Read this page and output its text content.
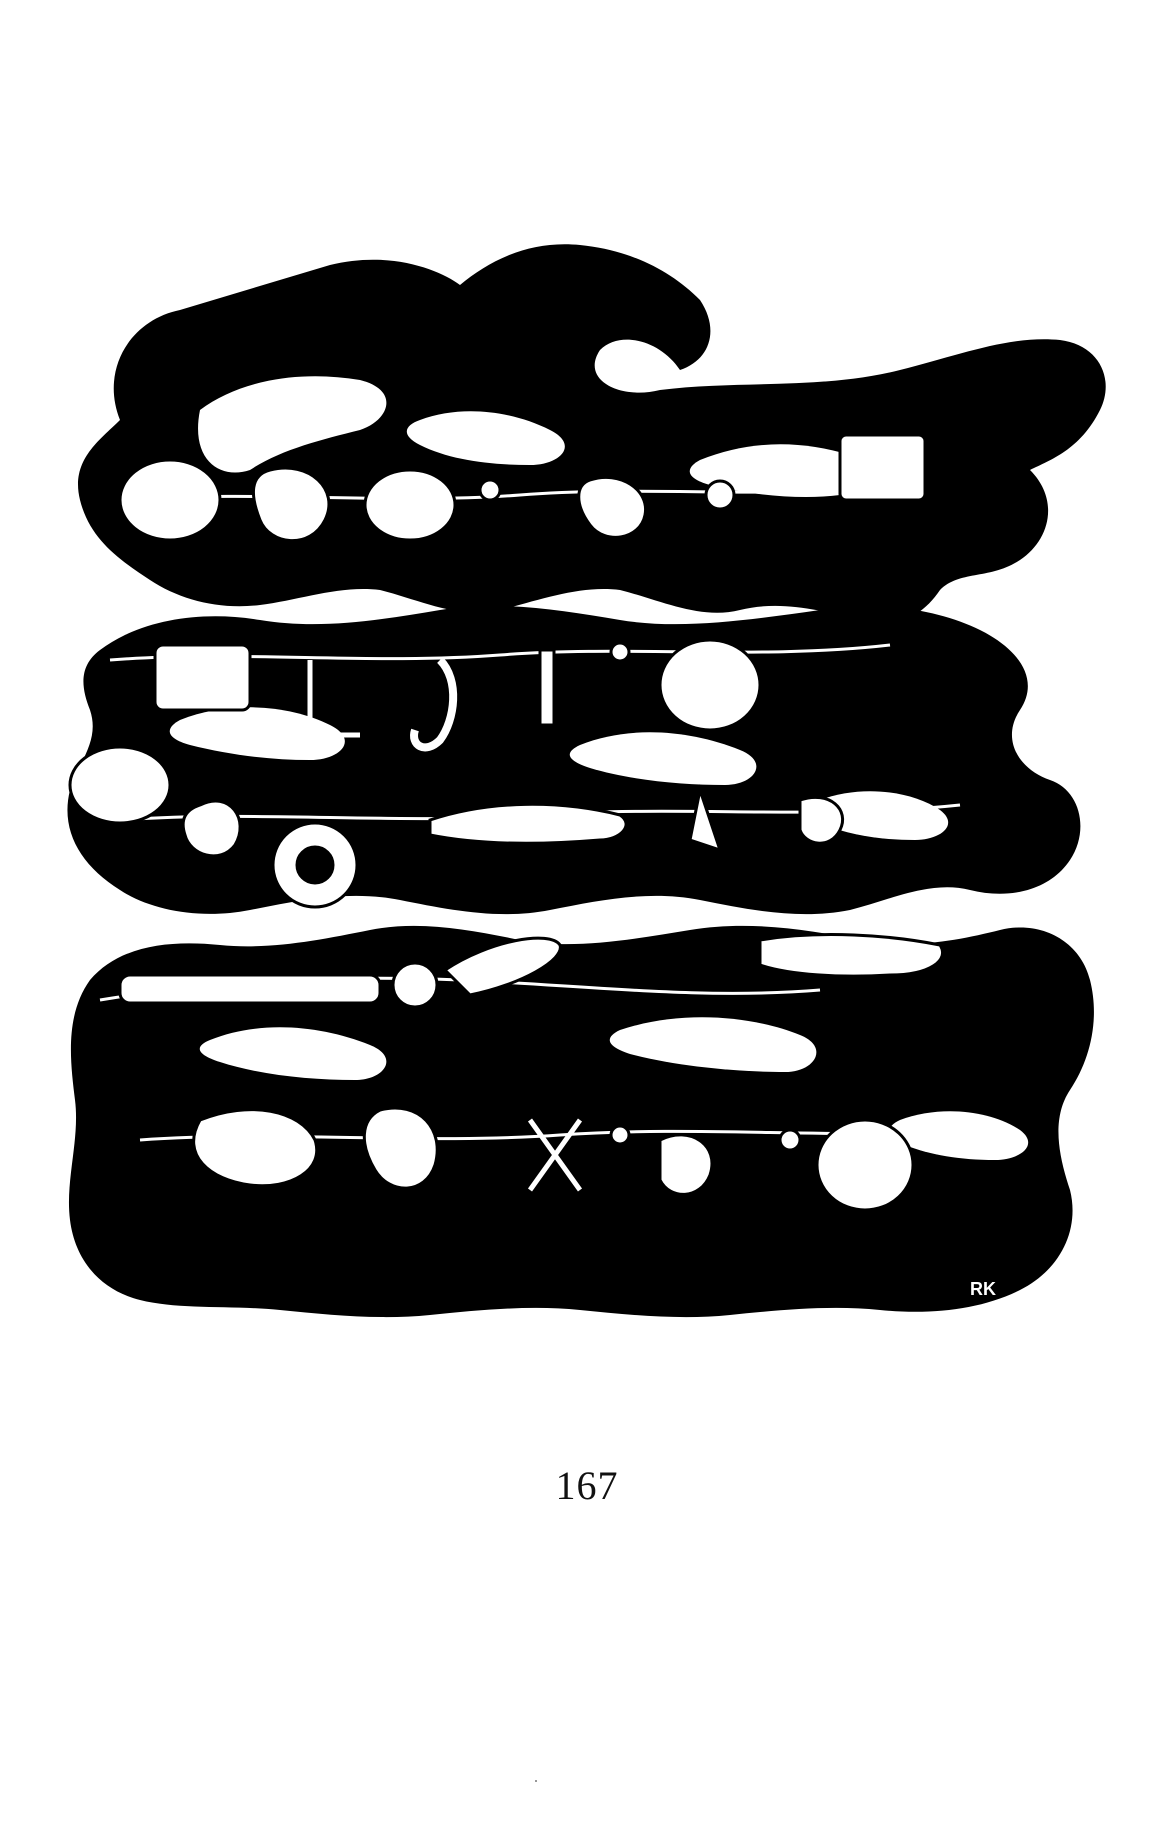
RK
167
